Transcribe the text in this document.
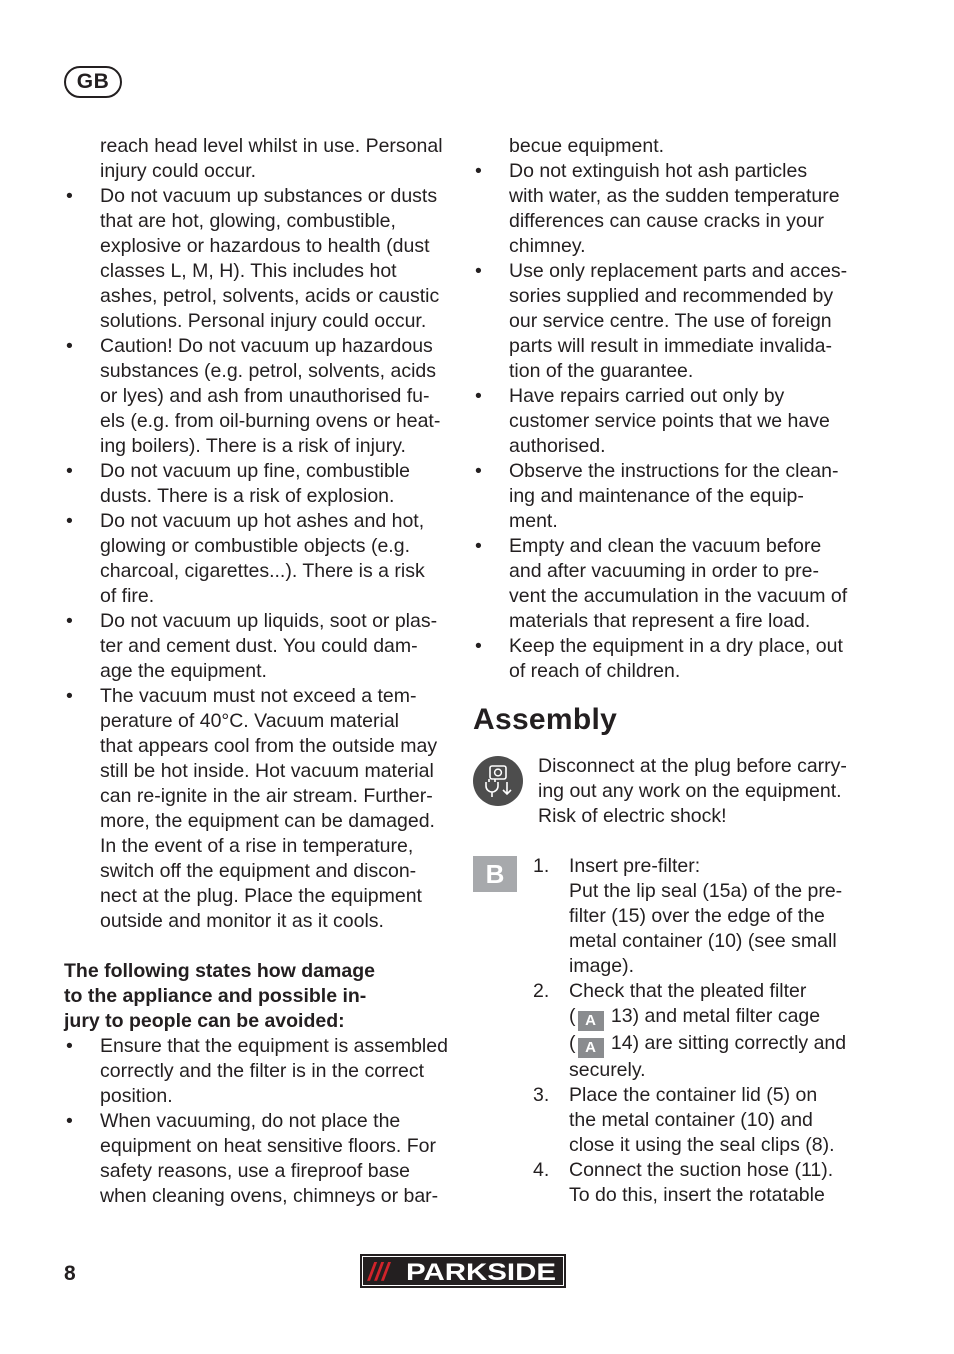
GB
reach head level whilst in use. Personal
injury could occur.
•	Do not vacuum up substances or dusts
that are hot, glowing, combustible,
explosive or hazardous to health (dust
classes L, M, H). This includes hot
ashes, petrol, solvents, acids or caustic
solutions. Personal injury could occur.
•	Caution! Do not vacuum up hazardous
substances (e.g. petrol, solvents, acids
or lyes) and ash from unauthorised fu-
els (e.g. from oil-burning ovens or heat-
ing boilers). There is a risk of injury.
•	Do not vacuum up fine, combustible
dusts. There is a risk of explosion.
•	Do not vacuum up hot ashes and hot,
glowing or combustible objects (e.g.
charcoal, cigarettes...). There is a risk
of fire.
•	Do not vacuum up liquids, soot or plas-
ter and cement dust. You could dam-
age the equipment.
•	The vacuum must not exceed a tem-
perature of 40°C. Vacuum material
that appears cool from the outside may
still be hot inside. Hot vacuum material
can re-ignite in the air stream. Further-
more, the equipment can be damaged.
In the event of a rise in temperature,
switch off the equipment and discon-
nect at the plug. Place the equipment
outside and monitor it as it cools.
The following states how damage
to the appliance and possible in-
jury to people can be avoided:
•	Ensure that the equipment is assembled
correctly and the filter is in the correct
position.
•	When vacuuming, do not place the
equipment on heat sensitive floors. For
safety reasons, use a fireproof base
when cleaning ovens, chimneys or bar-
becue equipment.
•	Do not extinguish hot ash particles
with water, as the sudden temperature
differences can cause cracks in your
chimney.
•	Use only replacement parts and acces-
sories supplied and recommended by
our service centre. The use of foreign
parts will result in immediate invalida-
tion of the guarantee.
•	Have repairs carried out only by
customer service points that we have
authorised.
•	Observe the instructions for the clean-
ing and maintenance of the equip-
ment.
•	Empty and clean the vacuum before
and after vacuuming in order to pre-
vent the accumulation in the vacuum of
materials that represent a fire load.
•	Keep the equipment in a dry place, out
of reach of children.
Assembly
Disconnect at the plug before carry-
ing out any work on the equipment.
Risk of electric shock!
B	1.	Insert pre-filter:
Put the lip seal (15a) of the pre-
filter (15) over the edge of the
metal container (10) (see small
image).
2.	Check that the pleated filter
( A 13) and metal filter cage
( A 14) are sitting correctly and
securely.
3.	Place the container lid (5) on
the metal container (10) and
close it using the seal clips (8).
4.	Connect the suction hose (11).
To do this, insert the rotatable
8	/// PARKSIDE
